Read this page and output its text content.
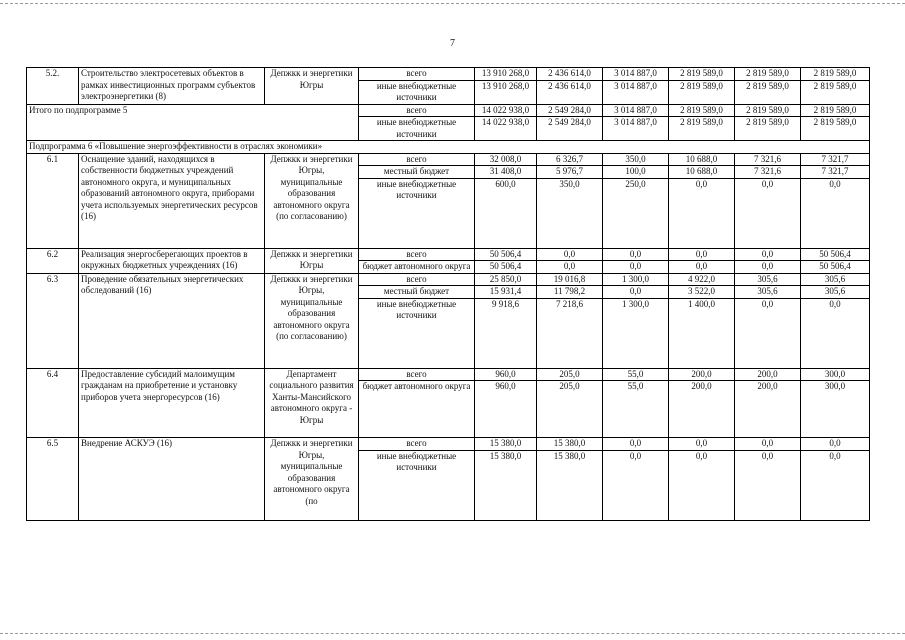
7
5.2.	Строительство электросетевых объектов в рамках инвестиционных программ субъектов электроэнергетики (8)	Депжкк и энергетики Югры	всего	13 910 268,0	2 436 614,0	3 014 887,0	2 819 589,0	2 819 589,0	2 819 589,0
			иные внебюджетные источники	13 910 268,0	2 436 614,0	3 014 887,0	2 819 589,0	2 819 589,0	2 819 589,0
Итого по подпрограмме 5			всего	14 022 938,0	2 549 284,0	3 014 887,0	2 819 589,0	2 819 589,0	2 819 589,0
			иные внебюджетные источники	14 022 938,0	2 549 284,0	3 014 887,0	2 819 589,0	2 819 589,0	2 819 589,0
Подпрограмма 6 «Повышение энергоэффективности в отраслях экономики»									
6.1	Оснащение зданий, находящихся в собственности бюджетных учреждений автономного округа, и муниципальных образований автономного округа, приборами учета используемых энергетических ресурсов (16)	Депжкк и энергетики Югры, муниципальные образования автономного округа (по согласованию)	всего	32 008,0	6 326,7	350,0	10 688,0	7 321,6	7 321,7
			местный бюджет	31 408,0	5 976,7	100,0	10 688,0	7 321,6	7 321,7
			иные внебюджетные источники	600,0	350,0	250,0	0,0	0,0	0,0
6.2	Реализация энергосберегающих проектов в окружных бюджетных учреждениях (16)	Депжкк и энергетики Югры	всего	50 506,4	0,0	0,0	0,0	0,0	50 506,4
			бюджет автономного округа	50 506,4	0,0	0,0	0,0	0,0	50 506,4
6.3	Проведение обязательных энергетических обследований (16)	Депжкк и энергетики Югры, муниципальные образования автономного округа (по согласованию)	всего	25 850,0	19 016,8	1 300,0	4 922,0	305,6	305,6
			местный бюджет	15 931,4	11 798,2	0,0	3 522,0	305,6	305,6
			иные внебюджетные источники	9 918,6	7 218,6	1 300,0	1 400,0	0,0	0,0
6.4	Предоставление субсидий малоимущим гражданам на приобретение и установку приборов учета энергоресурсов (16)	Департамент социального развития Ханты-Мансийского автономного округа - Югры	всего	960,0	205,0	55,0	200,0	200,0	300,0
			бюджет автономного округа	960,0	205,0	55,0	200,0	200,0	300,0
6.5	Внедрение АСКУЭ (16)	Депжкк и энергетики Югры, муниципальные образования автономного округа (по	всего	15 380,0	15 380,0	0,0	0,0	0,0	0,0
			иные внебюджетные источники	15 380,0	15 380,0	0,0	0,0	0,0	0,0
